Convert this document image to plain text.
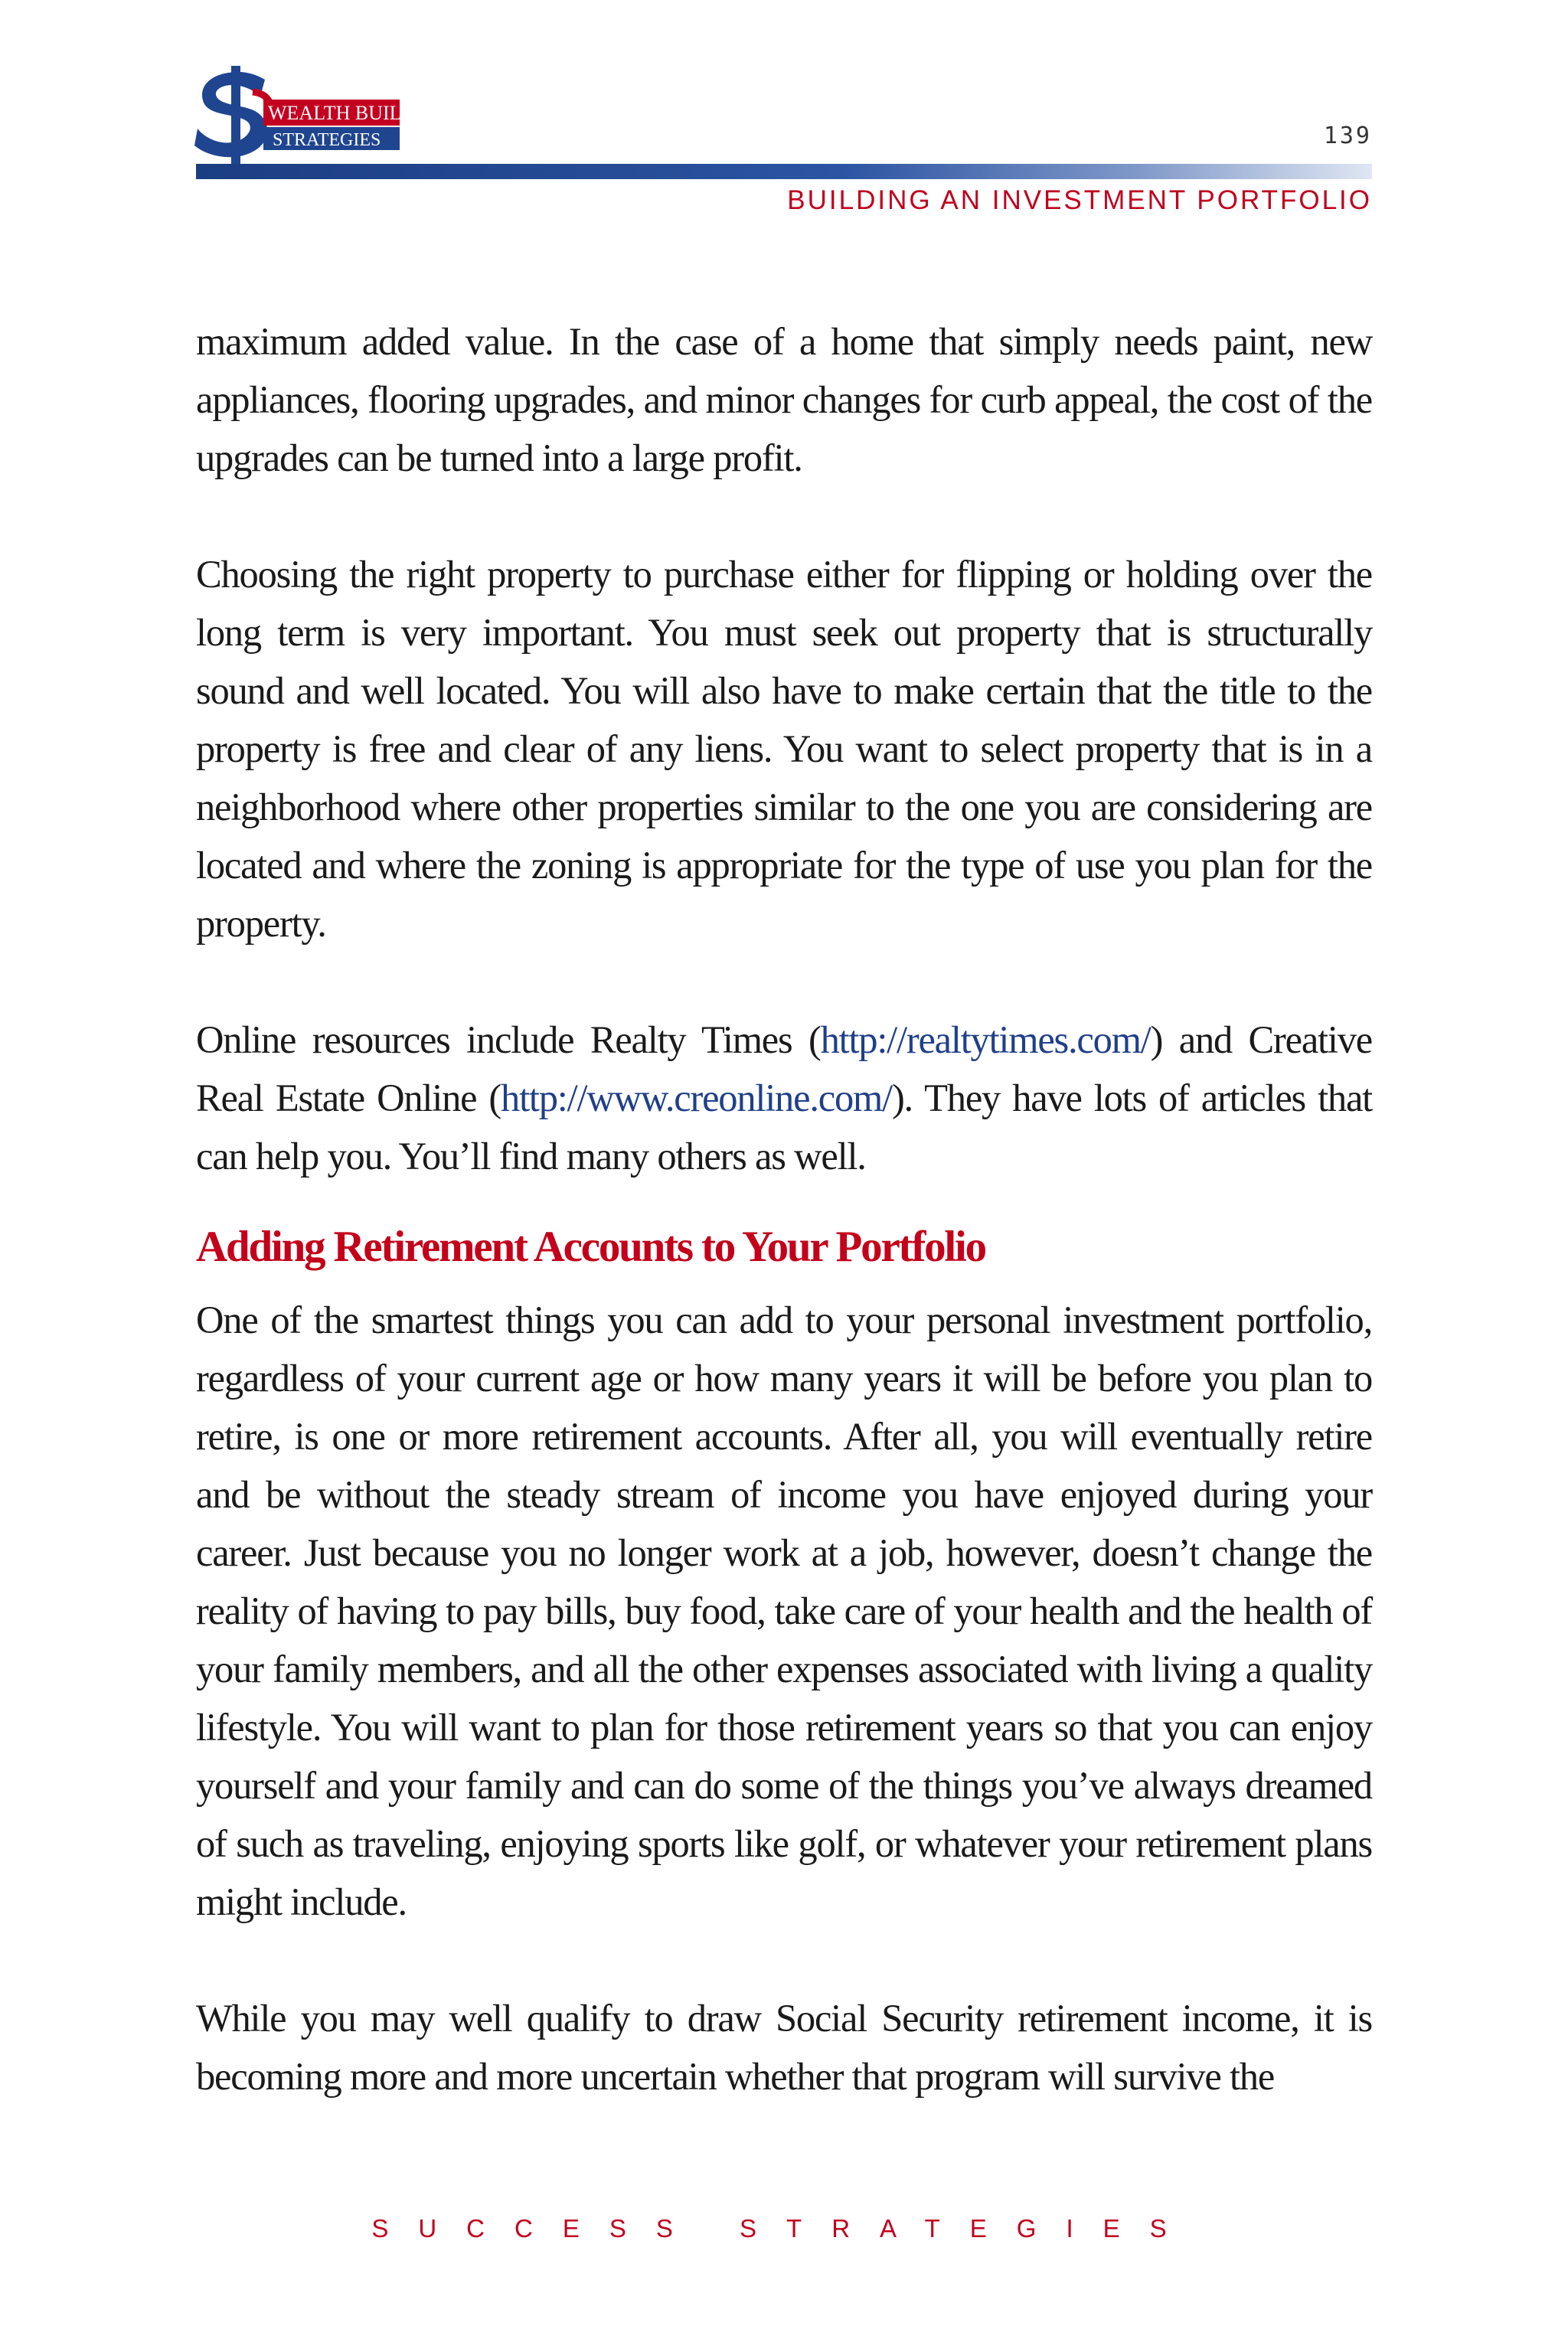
WEALTH BUILDING
STRATEGIES	139
BUILDING AN INVESTMENT PORTFOLIO

maximum added value. In the case of a home that simply needs paint, new appliances, flooring upgrades, and minor changes for curb appeal, the cost of the upgrades can be turned into a large profit.

Choosing the right property to purchase either for flipping or holding over the long term is very important. You must seek out property that is structurally sound and well located. You will also have to make certain that the title to the property is free and clear of any liens. You want to select property that is in a neighborhood where other properties similar to the one you are considering are located and where the zoning is appropriate for the type of use you plan for the property.

Online resources include Realty Times (http://realtytimes.com/) and Creative Real Estate Online (http://www.creonline.com/). They have lots of articles that can help you. You’ll find many others as well.

Adding Retirement Accounts to Your Portfolio

One of the smartest things you can add to your personal investment portfolio, regardless of your current age or how many years it will be before you plan to retire, is one or more retirement accounts. After all, you will eventually retire and be without the steady stream of income you have enjoyed during your career. Just because you no longer work at a job, however, doesn’t change the reality of having to pay bills, buy food, take care of your health and the health of your family members, and all the other expenses associated with living a quality lifestyle. You will want to plan for those retirement years so that you can enjoy yourself and your family and can do some of the things you’ve always dreamed of such as traveling, enjoying sports like golf, or whatever your retirement plans might include.

While you may well qualify to draw Social Security retirement income, it is becoming more and more uncertain whether that program will survive the

SUCCESS STRATEGIES
